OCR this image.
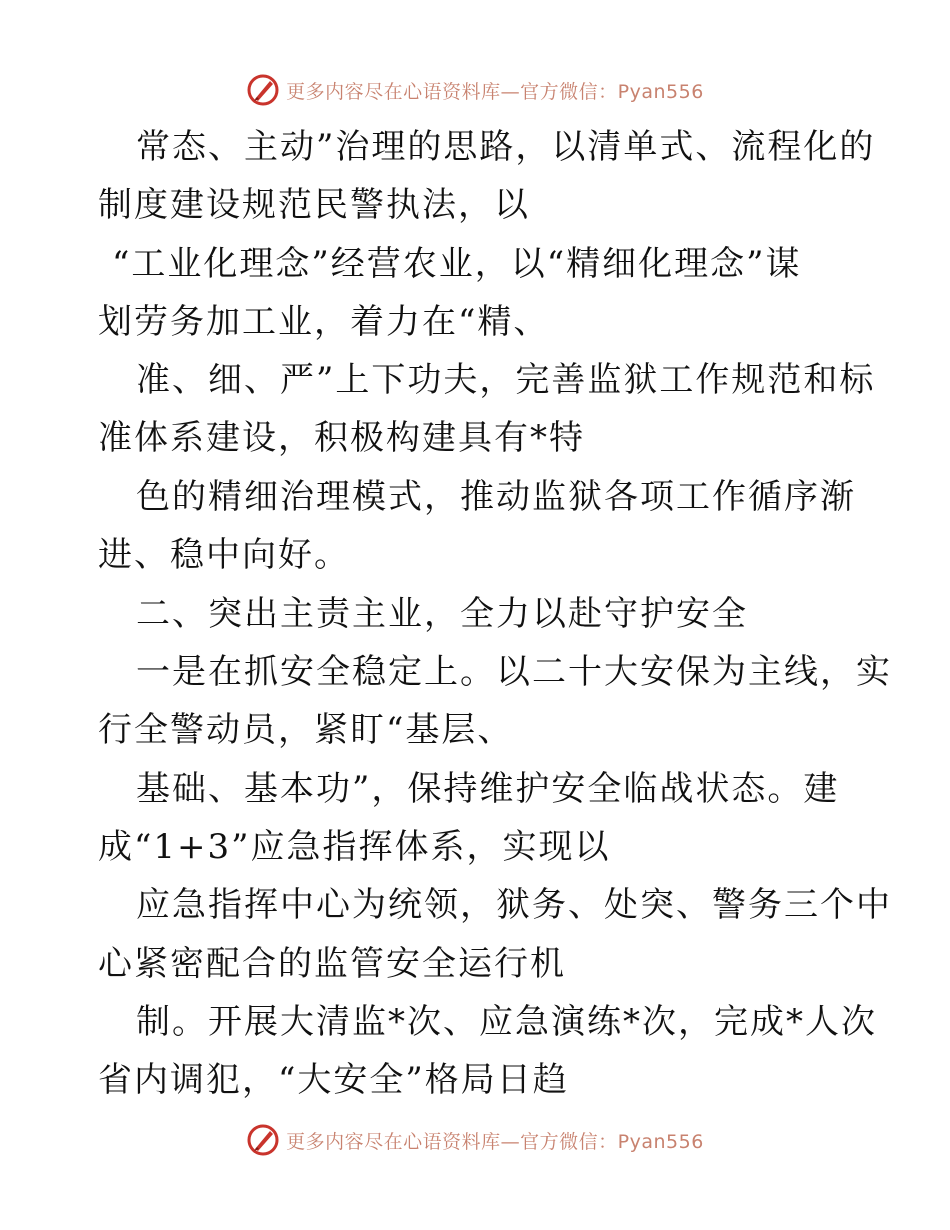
更多内容尽在心语资料库—官方微信：Pyan556
常态、主动”治理的思路，以清单式、流程化的
制度建设规范民警执法，以
“工业化理念”经营农业，以“精细化理念”谋
划劳务加工业，着力在“精、
准、细、严”上下功夫，完善监狱工作规范和标
准体系建设，积极构建具有*特
色的精细治理模式，推动监狱各项工作循序渐
进、稳中向好。
二、突出主责主业，全力以赴守护安全
一是在抓安全稳定上。以二十大安保为主线，实
行全警动员，紧盯“基层、
基础、基本功”，保持维护安全临战状态。建
成“1+3”应急指挥体系，实现以
应急指挥中心为统领，狱务、处突、警务三个中
心紧密配合的监管安全运行机
制。开展大清监*次、应急演练*次，完成*人次
省内调犯，“大安全”格局日趋
更多内容尽在心语资料库—官方微信：Pyan556
